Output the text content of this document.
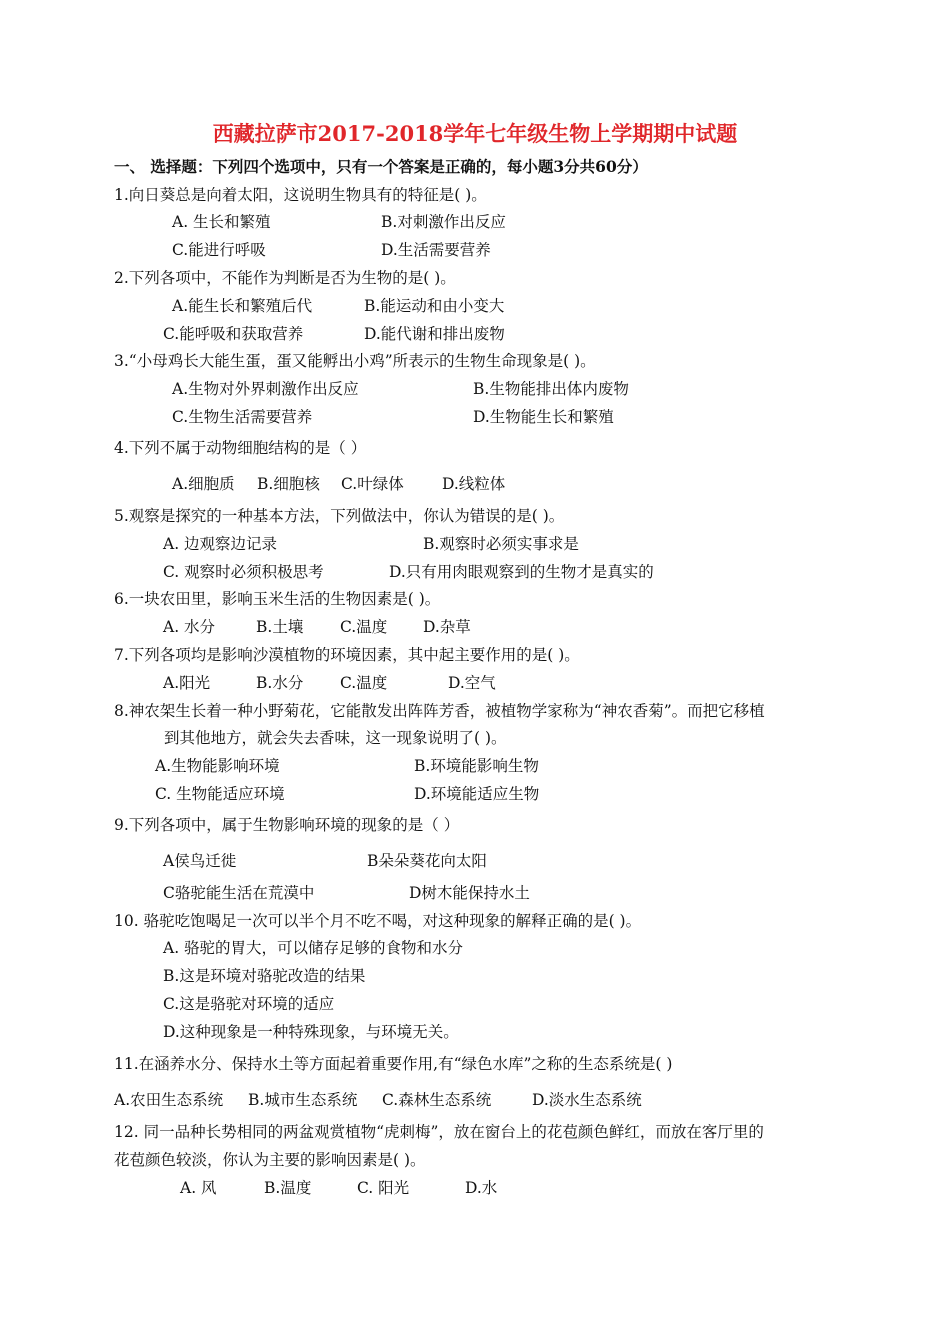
西藏拉萨市2017-2018学年七年级生物上学期期中试题
一、 选择题：下列四个选项中，只有一个答案是正确的，每小题3分共60分）
1.向日葵总是向着太阳，这说明生物具有的特征是( )。
A. 生长和繁殖	B.对刺激作出反应
C.能进行呼吸	D.生活需要营养
2.下列各项中，不能作为判断是否为生物的是( )。
A.能生长和繁殖后代	B.能运动和由小变大
C.能呼吸和获取营养	D.能代谢和排出废物
3.“小母鸡长大能生蛋，蛋又能孵出小鸡”所表示的生物生命现象是( )。
A.生物对外界刺激作出反应	B.生物能排出体内废物
C.生物生活需要营养	D.生物能生长和繁殖
4.下列不属于动物细胞结构的是（ ）
A.细胞质 B.细胞核 C.叶绿体 D.线粒体
5.观察是探究的一种基本方法，下列做法中，你认为错误的是( )。
A. 边观察边记录	B.观察时必须实事求是
C. 观察时必须积极思考	D.只有用肉眼观察到的生物才是真实的
6.一块农田里，影响玉米生活的生物因素是( )。
A. 水分	B.土壤 C.温度 D.杂草
7.下列各项均是影响沙漠植物的环境因素，其中起主要作用的是( )。
A.阳光	B.水分 C.温度	D.空气
8.神农架生长着一种小野菊花，它能散发出阵阵芳香，被植物学家称为“神农香菊”。而把它移植
到其他地方，就会失去香味，这一现象说明了( )。
A.生物能影响环境	B.环境能影响生物
C. 生物能适应环境	D.环境能适应生物
9.下列各项中，属于生物影响环境的现象的是（ ）
A侯鸟迁徙	B朵朵葵花向太阳
C骆驼能生活在荒漠中	D树木能保持水土
10. 骆驼吃饱喝足一次可以半个月不吃不喝，对这种现象的解释正确的是( )。
A. 骆驼的胃大，可以储存足够的食物和水分
B.这是环境对骆驼改造的结果
C.这是骆驼对环境的适应
D.这种现象是一种特殊现象，与环境无关。
11.在涵养水分、保持水土等方面起着重要作用,有“绿色水库”之称的生态系统是( )
A.农田生态系统 B.城市生态系统 C.森林生态系统	D.淡水生态系统
12. 同一品种长势相同的两盆观赏植物“虎刺梅”，放在窗台上的花苞颜色鲜红，而放在客厅里的
花苞颜色较淡，你认为主要的影响因素是( )。
A. 风	B.温度	C. 阳光	D.水
